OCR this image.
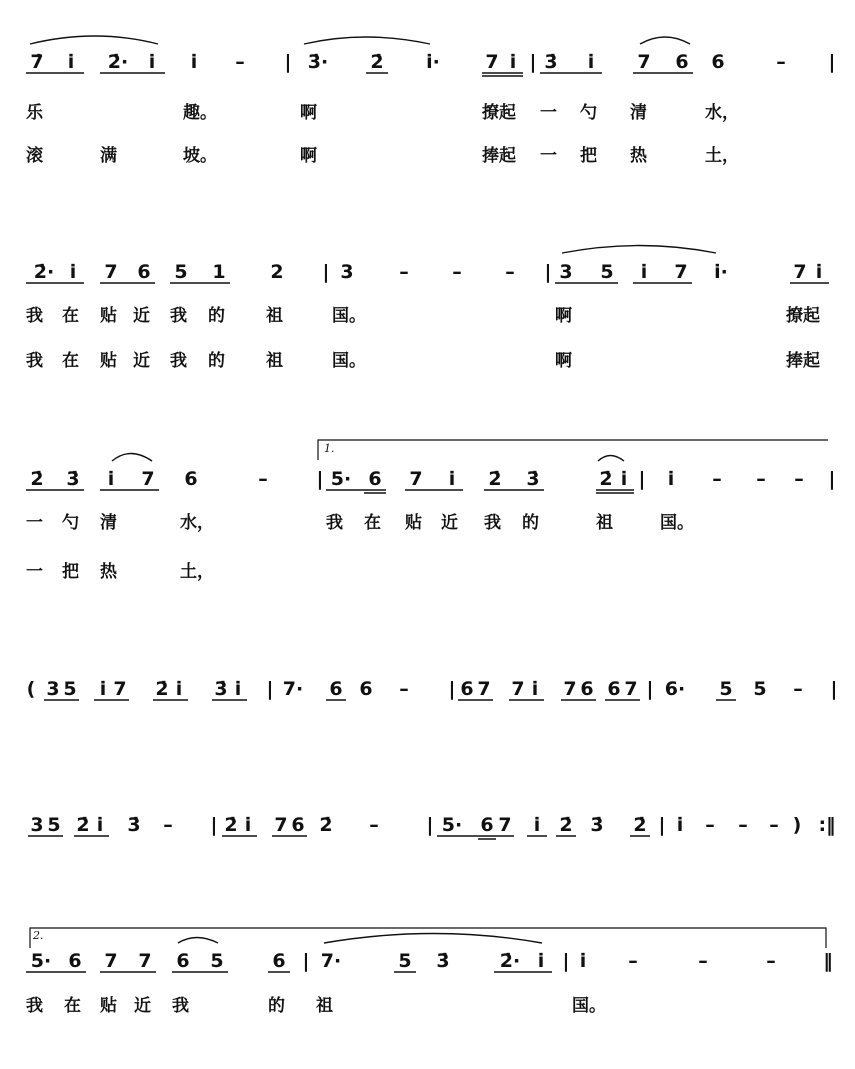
7̇	i̇	2̇·	i̇	i̇	–	| 3̇·	2̇	i̇·	7 i̇ | 3̇	i̇	7 6 6	–	|
乐	趣。	啊	撩起 一 勺 清	水，
滚	满	坡。	啊	捧起 一 把 热	土，
2̇· i̇	7 6 5 1 2 | 3	–	–	–	| 3 5	i̇	7	i̇·	7 i̇
我 在 贴 近 我 的 祖	国。	啊	撩起
我 在 贴 近 我 的 祖	国。	啊	捧起
1.
2̇ 3̇	i̇	7 6	–	| 5· 6 7	i̇	2̇ 3̇	2̇ i̇ |	i̇	–	–	–	|
一 勺 清	水，	我 在 贴 近 我 的	祖	国。
一 把 热	土，
( 3 5	i̇ 7 2̇ i̇	3̇ i̇	| 7· 6 6 – | 6 7 7 i̇	7 6 6 7 | 6· 5 5 – |
3 5 2̇ i̇	3̇ – | 2̇ i̇	7 6 2̇ –	| 5· 6 7	i̇	2̇ 3̇ 2̇ | i̇	– – – ) :‖
2.
5· 6 7 7 6 5	6 | 7·	5 3̇	2̇· i̇ | i̇	–	–	–	‖
我 在 贴 近 我	的 祖	国。
